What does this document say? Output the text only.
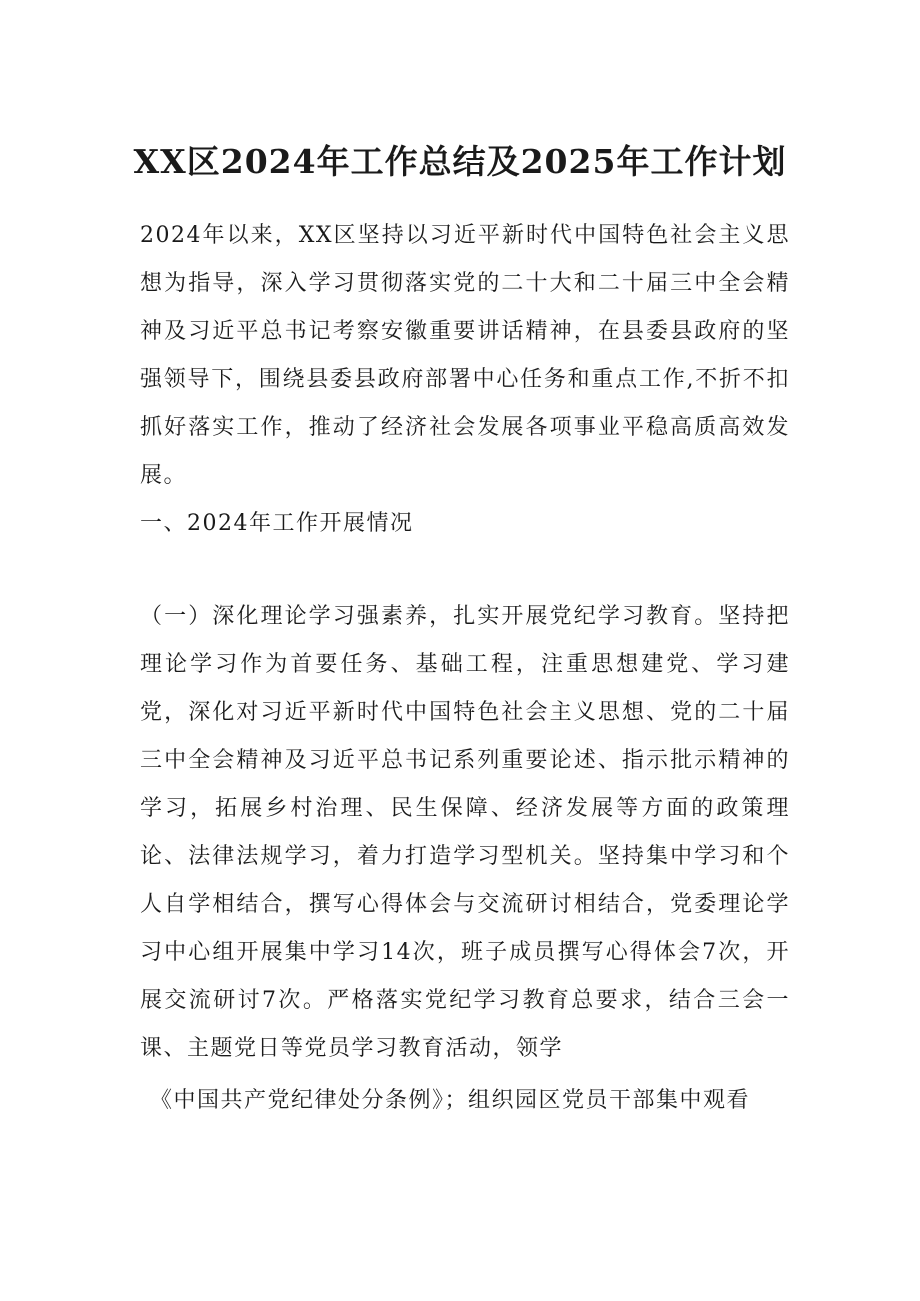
XX区2024年工作总结及2025年工作计划

2024年以来，XX区坚持以习近平新时代中国特色社会主义思想为指导，深入学习贯彻落实党的二十大和二十届三中全会精神及习近平总书记考察安徽重要讲话精神，在县委县政府的坚强领导下，围绕县委县政府部署中心任务和重点工作,不折不扣抓好落实工作，推动了经济社会发展各项事业平稳高质高效发展。

一、2024年工作开展情况

（一）深化理论学习强素养，扎实开展党纪学习教育。坚持把理论学习作为首要任务、基础工程，注重思想建党、学习建党，深化对习近平新时代中国特色社会主义思想、党的二十届三中全会精神及习近平总书记系列重要论述、指示批示精神的学习，拓展乡村治理、民生保障、经济发展等方面的政策理论、法律法规学习，着力打造学习型机关。坚持集中学习和个人自学相结合，撰写心得体会与交流研讨相结合，党委理论学习中心组开展集中学习14次，班子成员撰写心得体会7次，开展交流研讨7次。严格落实党纪学习教育总要求，结合三会一课、主题党日等党员学习教育活动，领学

《中国共产党纪律处分条例》；组织园区党员干部集中观看
